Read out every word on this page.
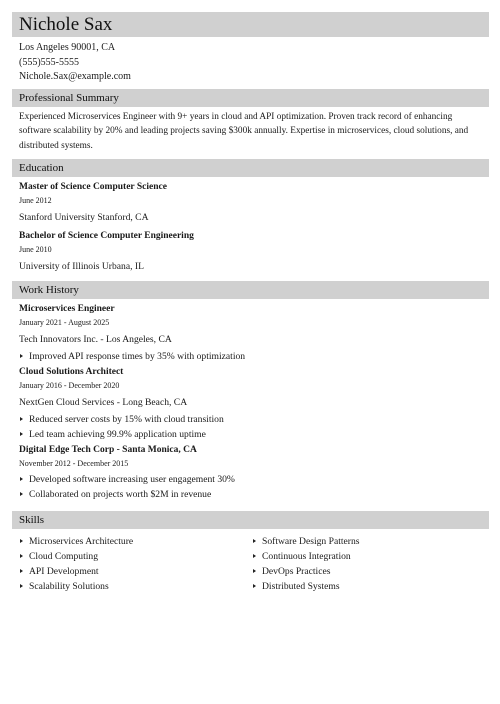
Nichole Sax
Los Angeles 90001, CA
(555)555-5555
Nichole.Sax@example.com
Professional Summary
Experienced Microservices Engineer with 9+ years in cloud and API optimization. Proven track record of enhancing software scalability by 20% and leading projects saving $300k annually. Expertise in microservices, cloud solutions, and distributed systems.
Education
Master of Science Computer Science
June 2012
Stanford University Stanford, CA
Bachelor of Science Computer Engineering
June 2010
University of Illinois Urbana, IL
Work History
Microservices Engineer
January 2021 - August 2025
Tech Innovators Inc. - Los Angeles, CA
Improved API response times by 35% with optimization
Cloud Solutions Architect
January 2016 - December 2020
NextGen Cloud Services - Long Beach, CA
Reduced server costs by 15% with cloud transition
Led team achieving 99.9% application uptime
Digital Edge Tech Corp - Santa Monica, CA
November 2012 - December 2015
Developed software increasing user engagement 30%
Collaborated on projects worth $2M in revenue
Skills
Microservices Architecture
Cloud Computing
API Development
Scalability Solutions
Software Design Patterns
Continuous Integration
DevOps Practices
Distributed Systems
